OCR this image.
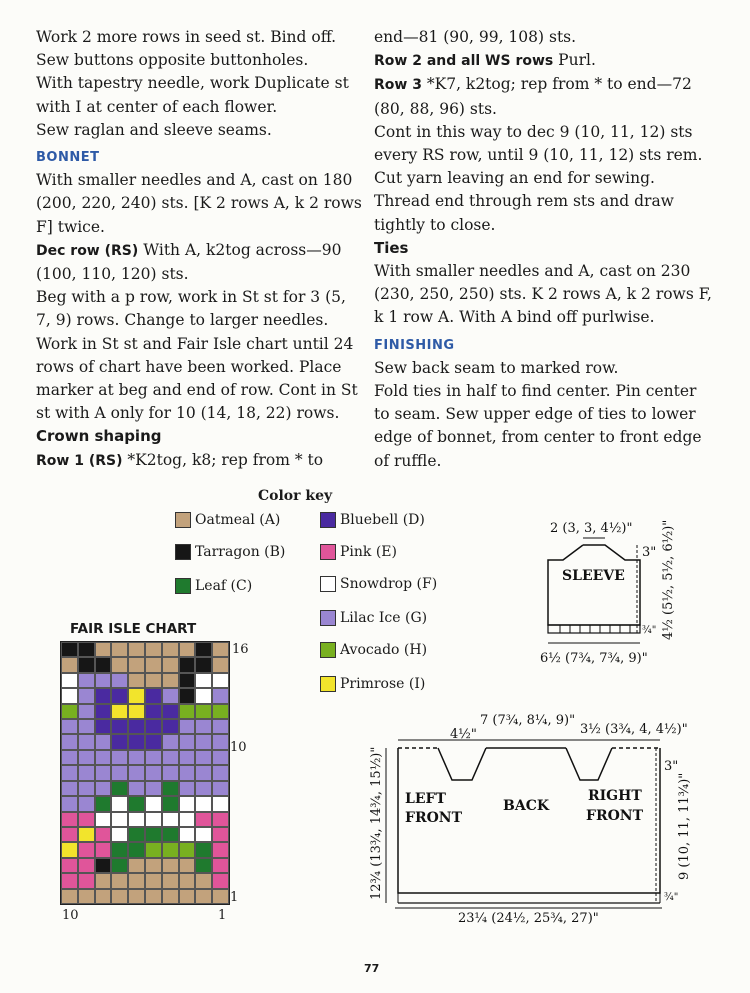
Work 2 more rows in seed st. Bind off. Sew buttons opposite buttonholes.

With tapestry needle, work Duplicate st with I at center of each flower.

Sew raglan and sleeve seams.

BONNET

With smaller needles and A, cast on 180 (200, 220, 240) sts. [K 2 rows A, k 2 rows F] twice.

Dec row (RS) With A, k2tog across—90 (100, 110, 120) sts.

Beg with a p row, work in St st for 3 (5, 7, 9) rows. Change to larger needles. Work in St st and Fair Isle chart until 24 rows of chart have been worked. Place marker at beg and end of row. Cont in St st with A only for 10 (14, 18, 22) rows.

Crown shaping

Row 1 (RS) *K2tog, k8; rep from * to

end—81 (90, 99, 108) sts.

Row 2 and all WS rows Purl.

Row 3 *K7, k2tog; rep from * to end—72 (80, 88, 96) sts.

Cont in this way to dec 9 (10, 11, 12) sts every RS row, until 9 (10, 11, 12) sts rem. Cut yarn leaving an end for sewing. Thread end through rem sts and draw tightly to close.

Ties

With smaller needles and A, cast on 230 (230, 250, 250) sts. K 2 rows A, k 2 rows F, k 1 row A. With A bind off purlwise.

FINISHING

Sew back seam to marked row.

Fold ties in half to find center. Pin center to seam. Sew upper edge of ties to lower edge of bonnet, from center to front edge of ruffle.

Color key
Oatmeal (A)
Tarragon (B)
Leaf (C)
Bluebell (D)
Pink (E)
Snowdrop (F)
Lilac Ice (G)
Avocado (H)
Primrose (I)
FAIR ISLE CHART
16
10
1
10	1
2 (3, 3, 4½)"
SLEEVE
6½ (7¾, 7¾, 9)"
3"
¾" 4½ (5½, 5½, 6½)"
7 (7¾, 8¼, 9)"
4½"	3½ (3¾, 4, 4½)"
LEFT
FRONT
BACK
RIGHT
FRONT
12¾ (13¾, 14¾, 15½)"	3"
9 (10, 11, 11¾)"
¾"
23¼ (24½, 25¾, 27)"
77
